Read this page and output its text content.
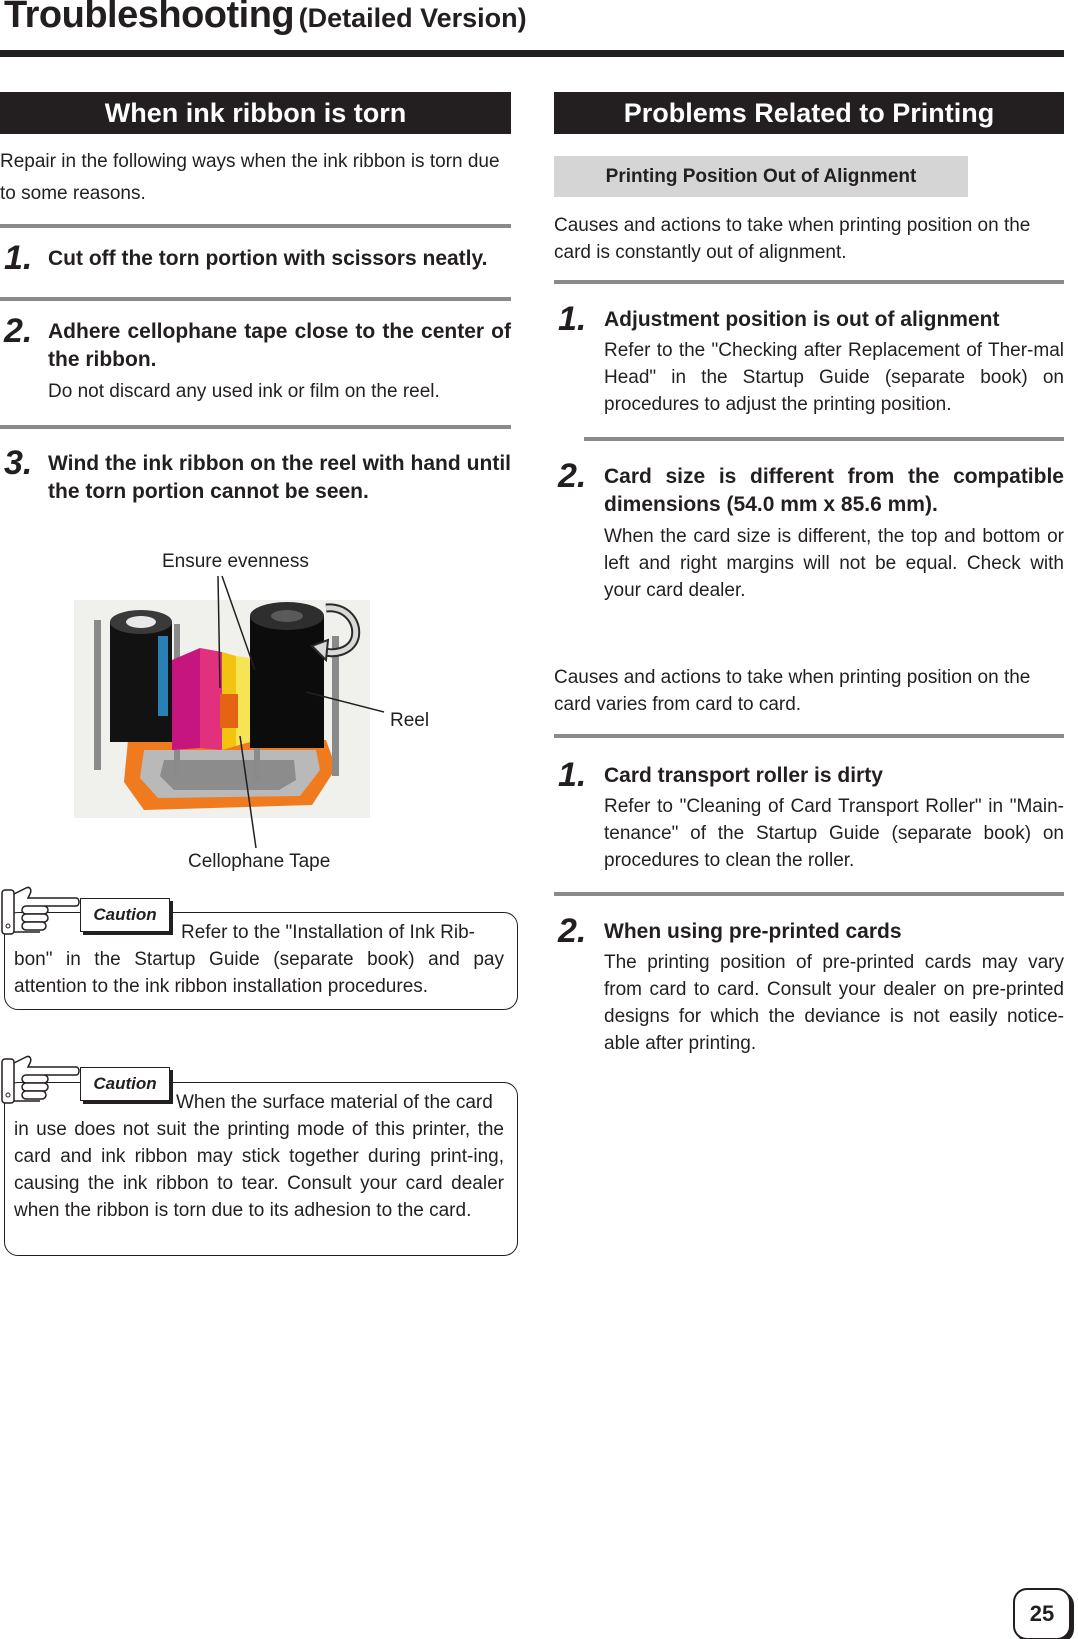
Troubleshooting (Detailed Version)
When ink ribbon is torn
Repair in the following ways when the ink ribbon is torn due to some reasons.
1. Cut off the torn portion with scissors neatly.
2. Adhere cellophane tape close to the center of the ribbon.
Do not discard any used ink or film on the reel.
3. Wind the ink ribbon on the reel with hand until the torn portion cannot be seen.
Ensure evenness
Reel
Cellophane Tape
Caution
Refer to the "Installation of Ink Rib-
bon" in the Startup Guide (separate book) and pay attention to the ink ribbon installation procedures.
Caution
When the surface material of the card
in use does not suit the printing mode of this printer, the card and ink ribbon may stick together during print-ing, causing the ink ribbon to tear. Consult your card dealer when the ribbon is torn due to its adhesion to the card.
Problems Related to Printing
Printing Position Out of Alignment
Causes and actions to take when printing position on the card is constantly out of alignment.
1. Adjustment position is out of alignment
Refer to the "Checking after Replacement of Ther-mal Head" in the Startup Guide (separate book) on procedures to adjust the printing position.
2. Card size is different from the compatible dimensions (54.0 mm x 85.6 mm).
When the card size is different, the top and bottom or left and right margins will not be equal. Check with your card dealer.
Causes and actions to take when printing position on the card varies from card to card.
1. Card transport roller is dirty
Refer to "Cleaning of Card Transport Roller" in "Main-tenance" of the Startup Guide (separate book) on procedures to clean the roller.
2. When using pre-printed cards
The printing position of pre-printed cards may vary from card to card. Consult your dealer on pre-printed designs for which the deviance is not easily notice-able after printing.
25
